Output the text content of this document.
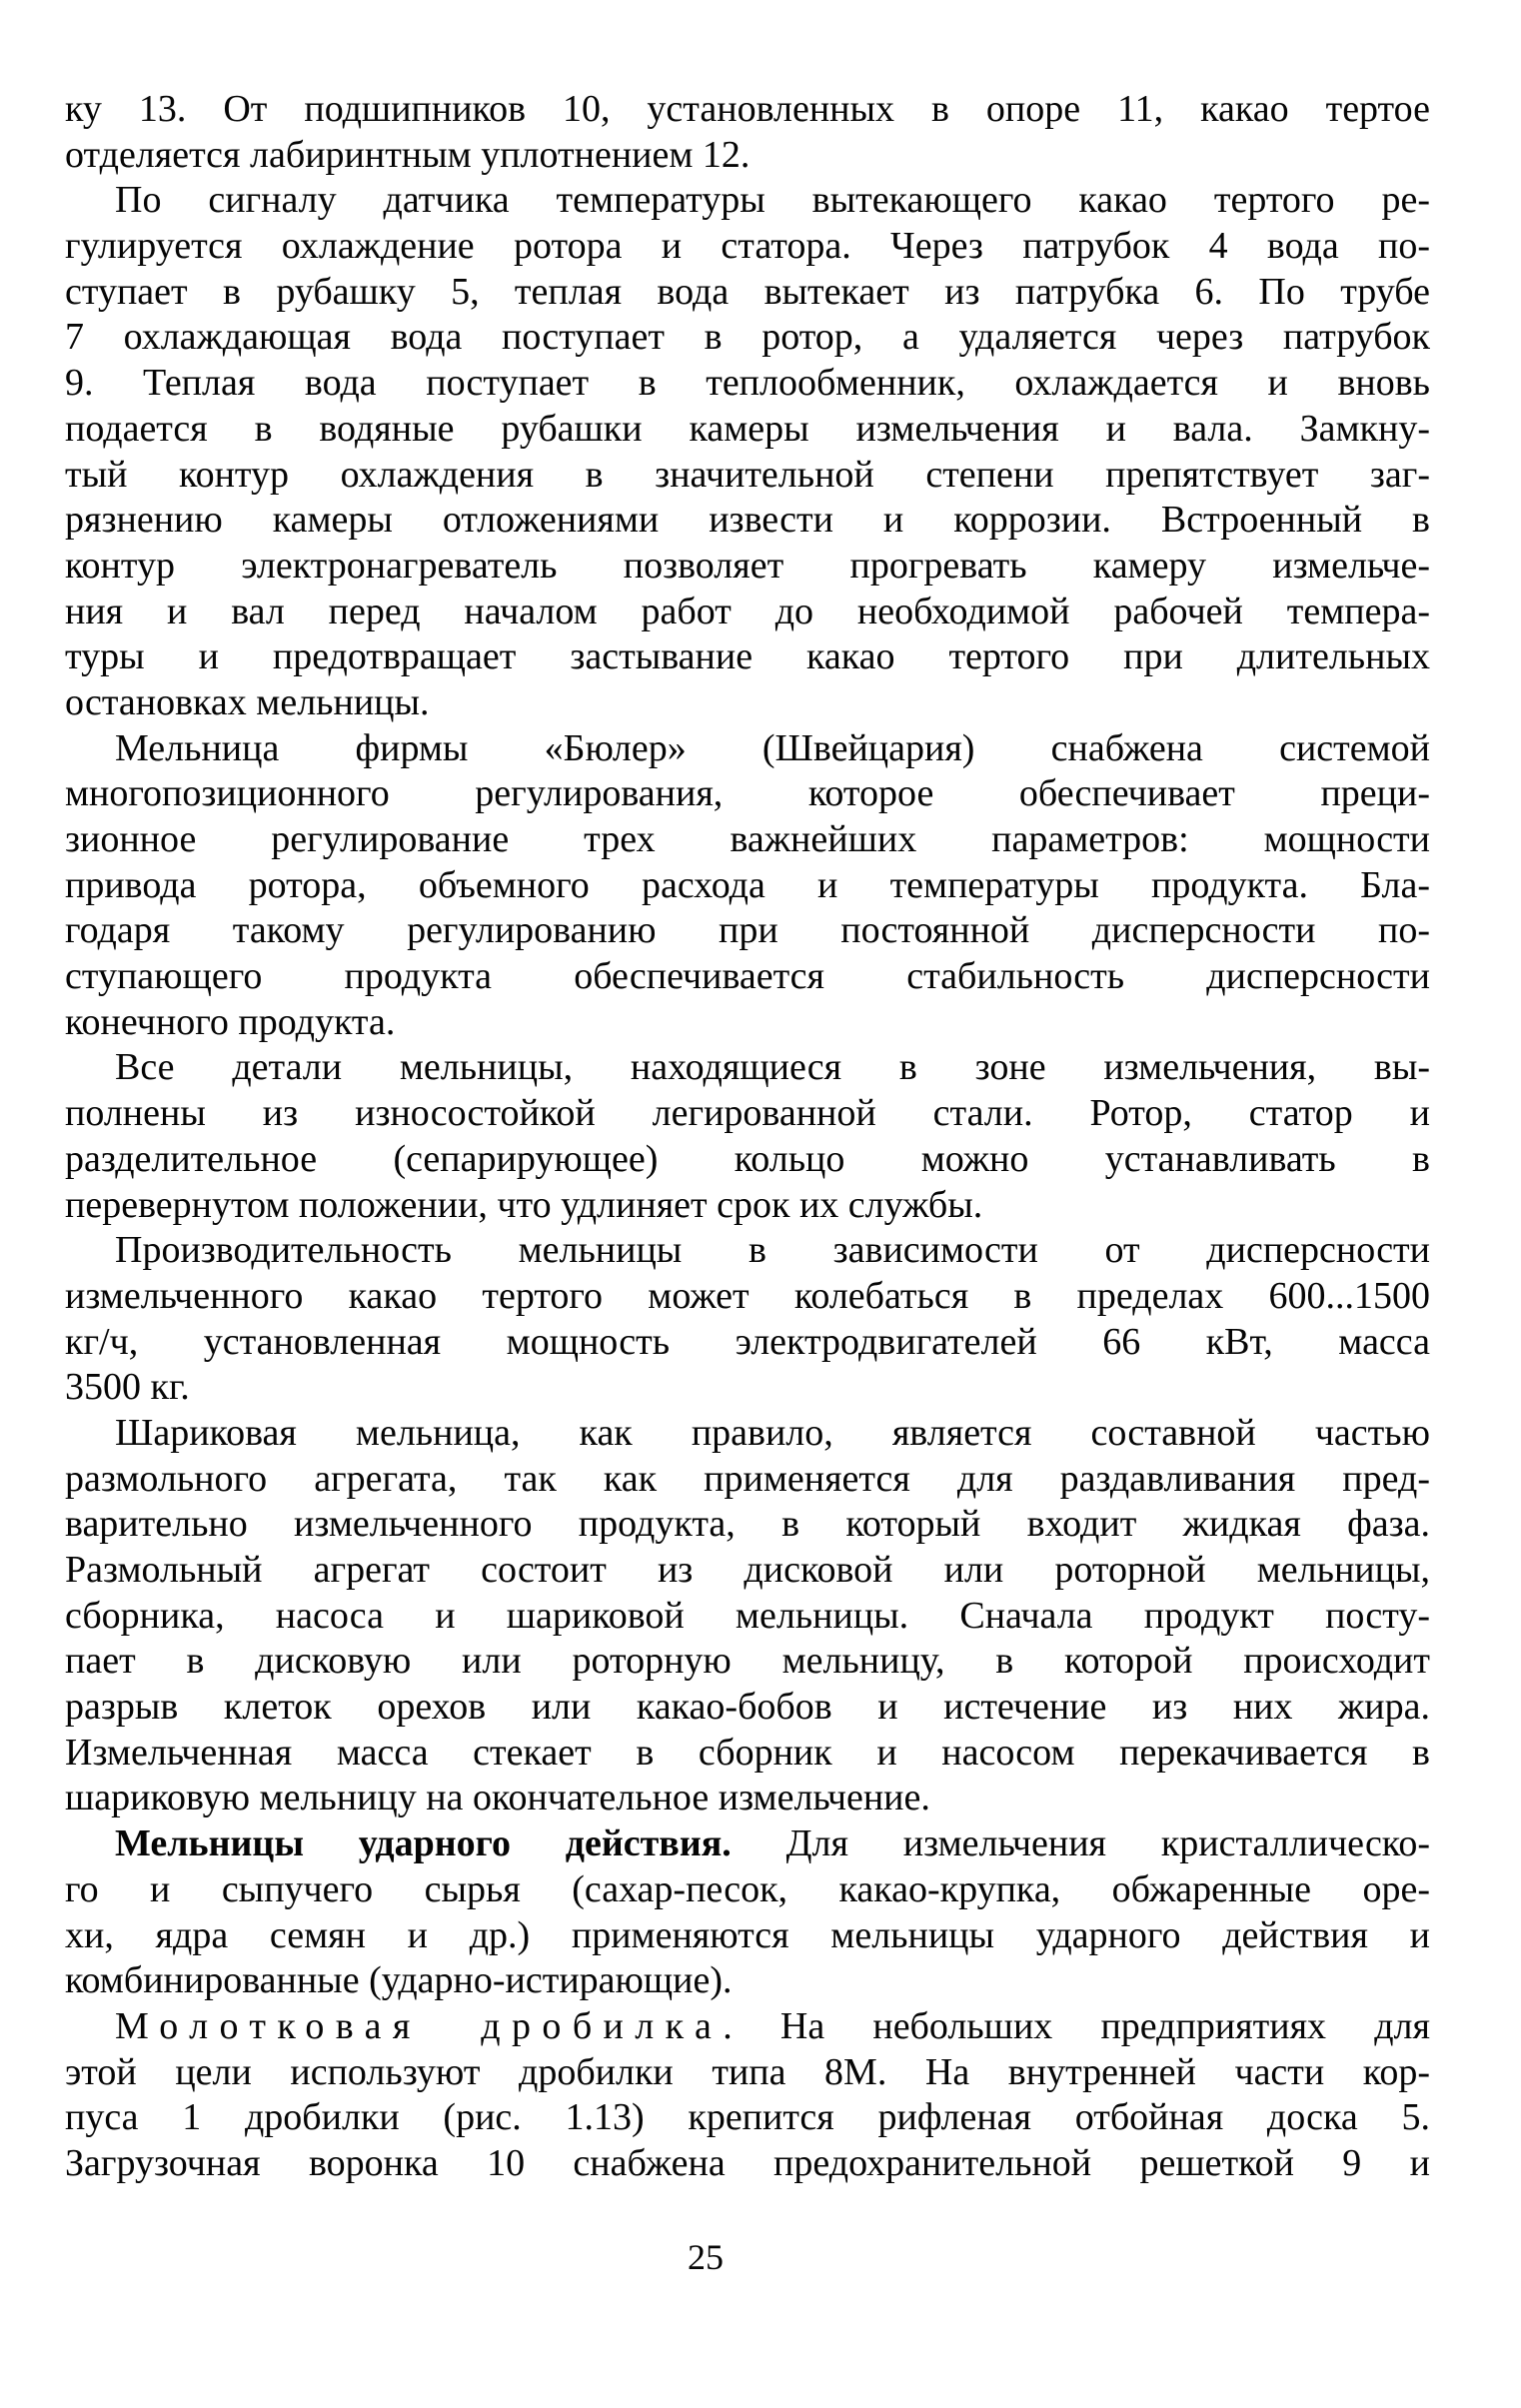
ку 13. От подшипников 10, установленных в опоре 11, какао тертое
отделяется лабиринтным уплотнением 12.
По сигналу датчика температуры вытекающего какао тертого ре-
гулируется охлаждение ротора и статора. Через патрубок 4 вода по-
ступает в рубашку 5, теплая вода вытекает из патрубка 6. По трубе
7 охлаждающая вода поступает в ротор, а удаляется через патрубок
9. Теплая вода поступает в теплообменник, охлаждается и вновь
подается в водяные рубашки камеры измельчения и вала. Замкну-
тый контур охлаждения в значительной степени препятствует заг-
рязнению камеры отложениями извести и коррозии. Встроенный в
контур электронагреватель позволяет прогревать камеру измельче-
ния и вал перед началом работ до необходимой рабочей темпера-
туры и предотвращает застывание какао тертого при длительных
остановках мельницы.
Мельница фирмы «Бюлер» (Швейцария) снабжена системой
многопозиционного регулирования, которое обеспечивает преци-
зионное регулирование трех важнейших параметров: мощности
привода ротора, объемного расхода и температуры продукта. Бла-
годаря такому регулированию при постоянной дисперсности по-
ступающего продукта обеспечивается стабильность дисперсности
конечного продукта.
Все детали мельницы, находящиеся в зоне измельчения, вы-
полнены из износостойкой легированной стали. Ротор, статор и
разделительное (сепарирующее) кольцо можно устанавливать в
перевернутом положении, что удлиняет срок их службы.
Производительность мельницы в зависимости от дисперсности
измельченного какао тертого может колебаться в пределах 600...1500
кг/ч, установленная мощность электродвигателей 66 кВт, масса
3500 кг.
Шариковая мельница, как правило, является составной частью
размольного агрегата, так как применяется для раздавливания пред-
варительно измельченного продукта, в который входит жидкая фаза.
Размольный агрегат состоит из дисковой или роторной мельницы,
сборника, насоса и шариковой мельницы. Сначала продукт посту-
пает в дисковую или роторную мельницу, в которой происходит
разрыв клеток орехов или какао-бобов и истечение из них жира.
Измельченная масса стекает в сборник и насосом перекачивается в
шариковую мельницу на окончательное измельчение.
Мельницы ударного действия. Для измельчения кристаллическо-
го и сыпучего сырья (сахар-песок, какао-крупка, обжаренные оре-
хи, ядра семян и др.) применяются мельницы ударного действия и
комбинированные (ударно-истирающие).
Молотковая дробилка. На небольших предприятиях для
этой цели используют дробилки типа 8М. На внутренней части кор-
пуса 1 дробилки (рис. 1.13) крепится рифленая отбойная доска 5.
Загрузочная воронка 10 снабжена предохранительной решеткой 9 и
25
